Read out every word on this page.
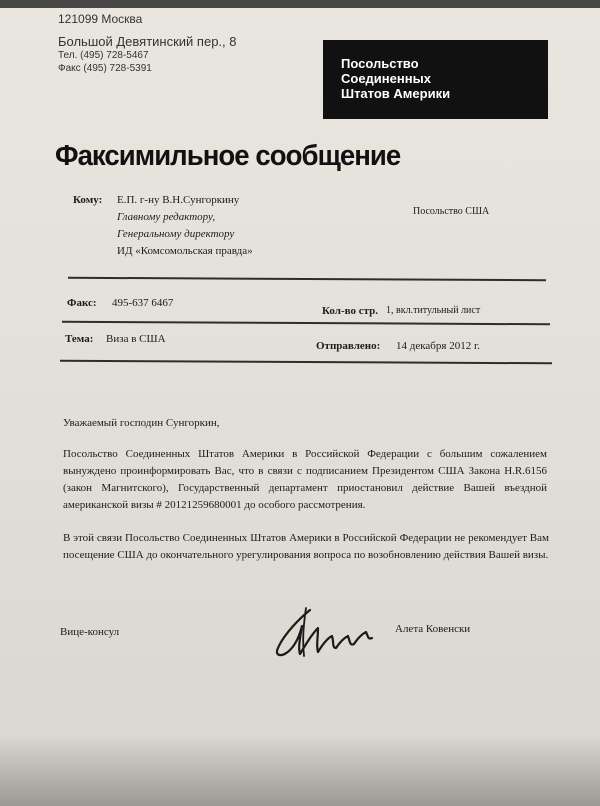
121099 Москва
Большой Девятинский пер., 8
Тел. (495) 728-5467
Факс (495) 728-5391	Посольство
Соединенных
Штатов Америки
Факсимильное сообщение
Кому: Е.П. г-ну В.Н.Сунгоркину
Главному редактору,
Генеральному директору
ИД «Комсомольская правда»
Посольство США
Факс: 495-637 6467
Кол-во стр. 1, вкл.титульный лист
Тема: Виза в США
Отправлено: 14 декабря 2012 г.
Уважаемый господин Сунгоркин,
Посольство Соединенных Штатов Америки в Российской Федерации с большим сожалением вынуждено проинформировать Вас, что в связи с подписанием Президентом США Закона H.R.6156 (закон Магнитского), Государственный департамент приостановил действие Вашей въездной американской визы # 20121259680001 до особого рассмотрения.
В этой связи Посольство Соединенных Штатов Америки в Российской Федерации не рекомендует Вам посещение США до окончательного урегулирования вопроса по возобновлению действия Вашей визы.
Вице-консул	Алета Ковенски
